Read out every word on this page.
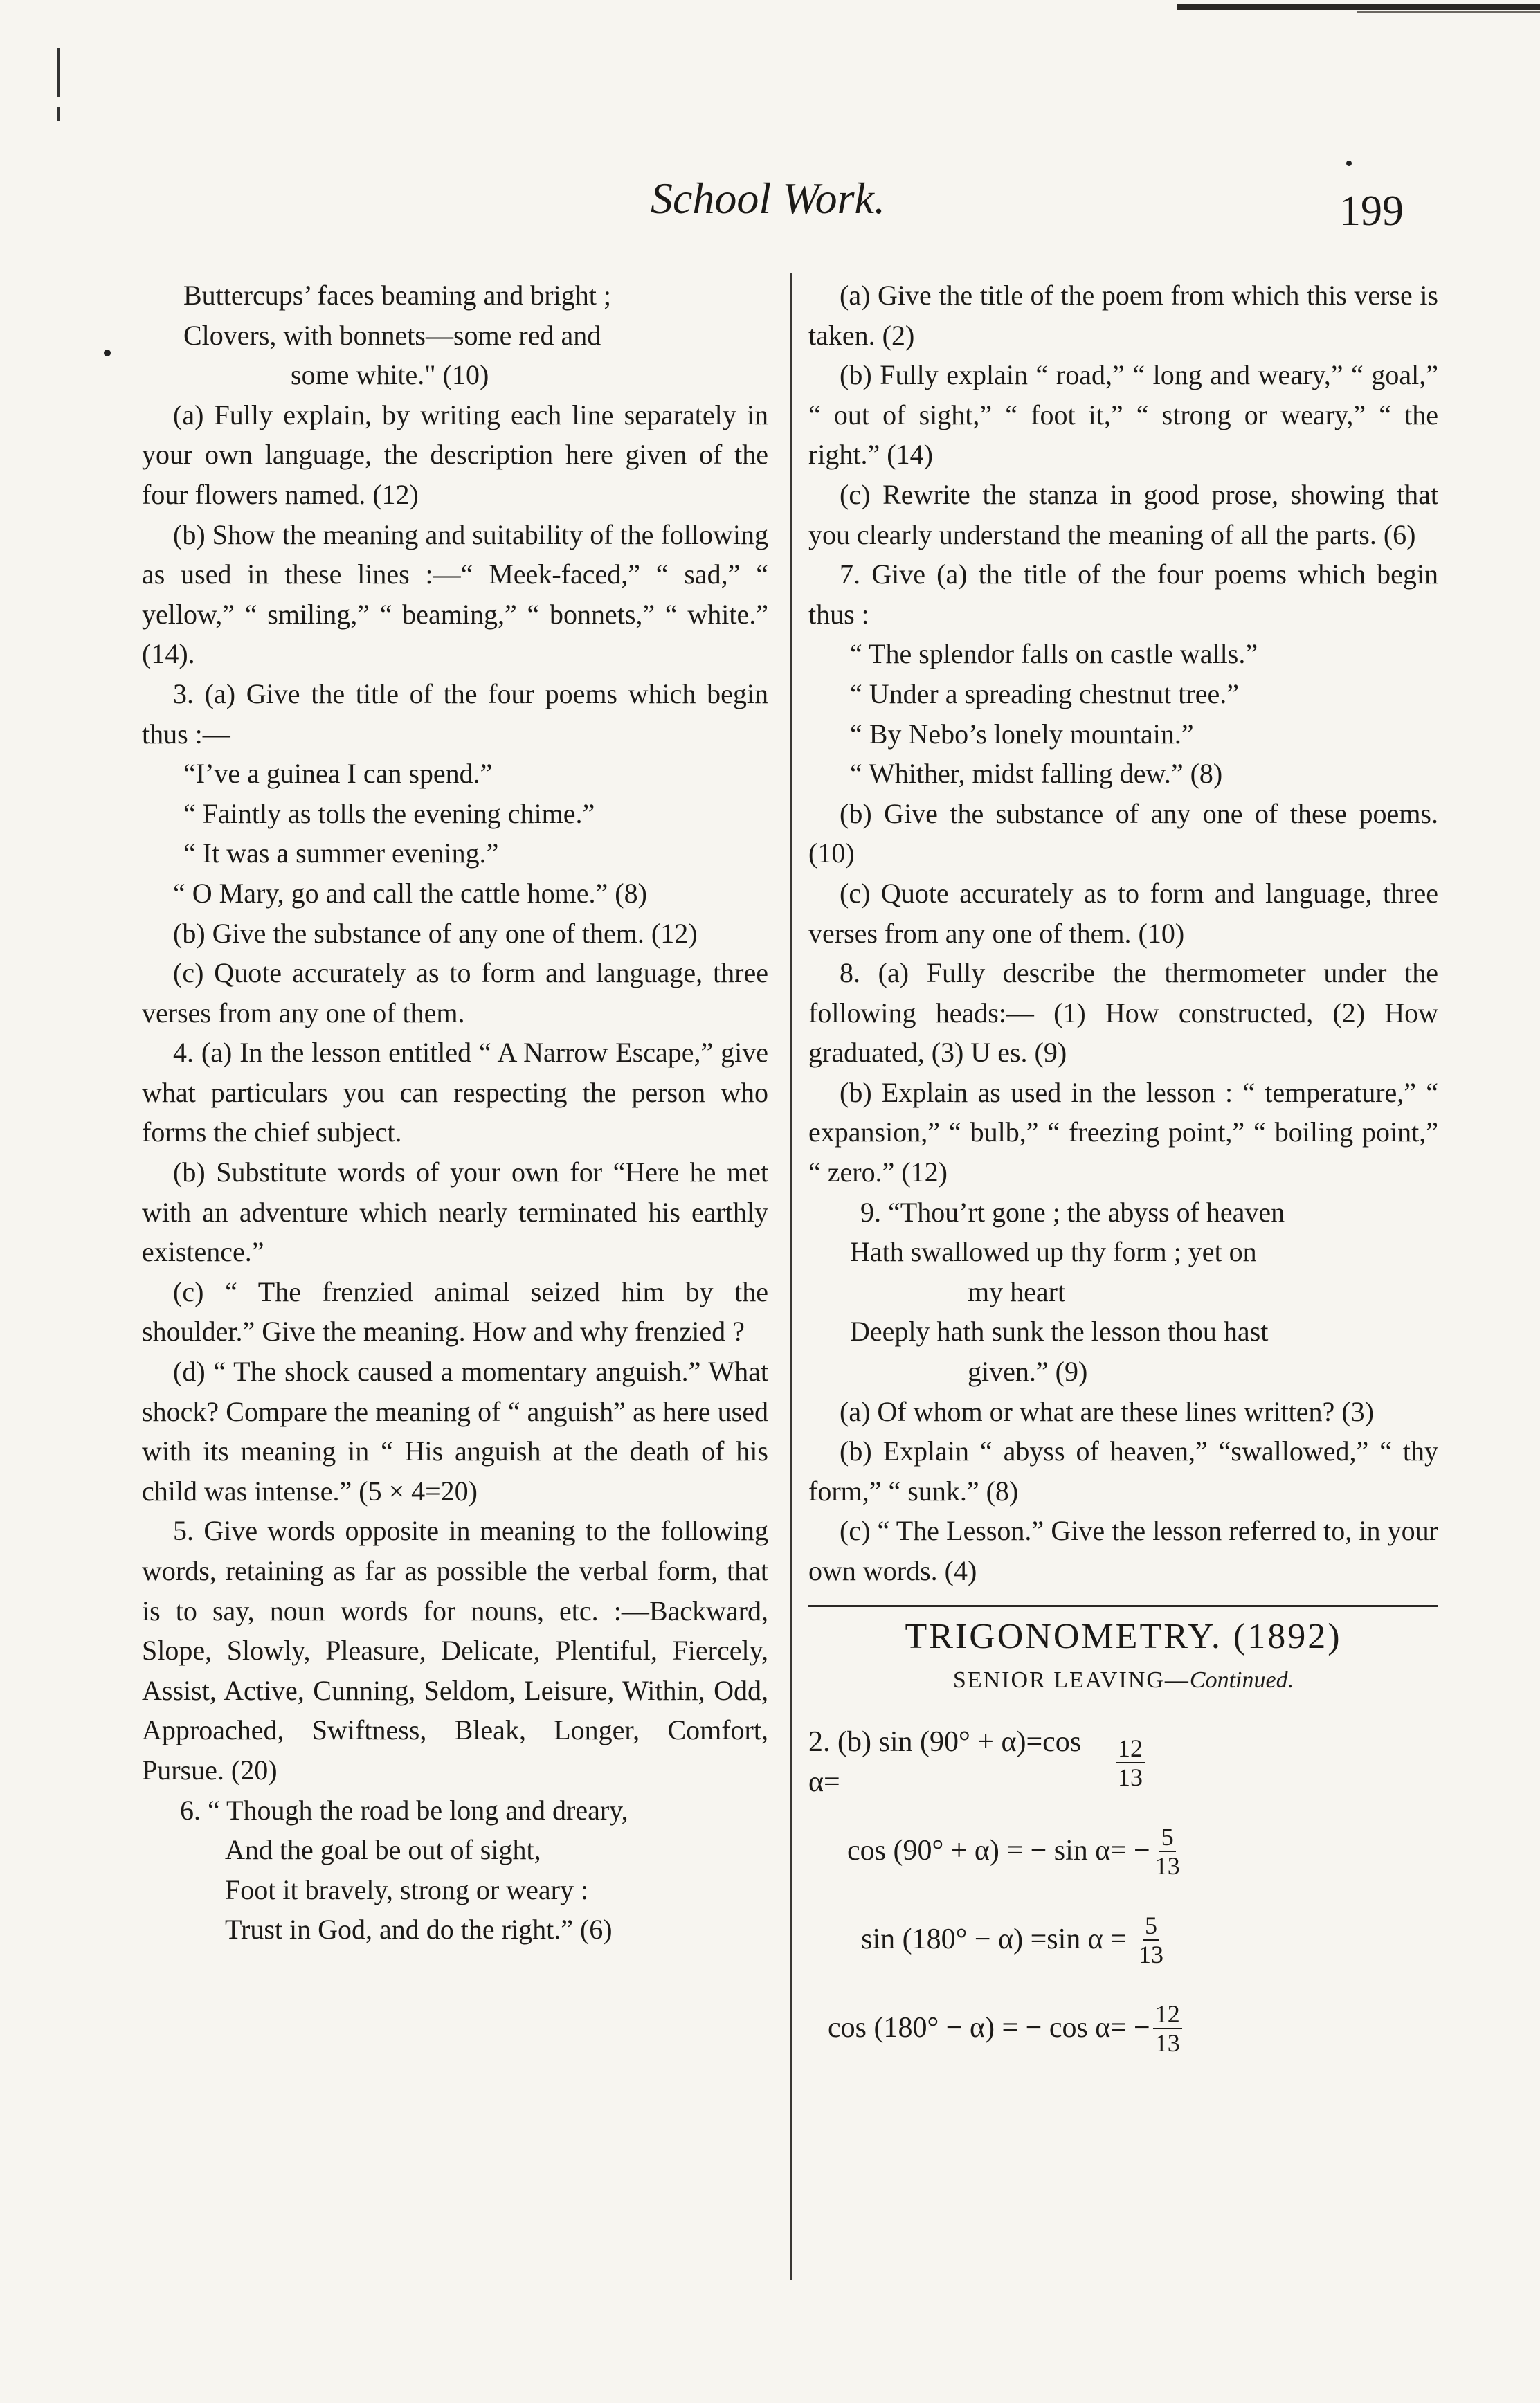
School Work.	199

Buttercups’ faces beaming and bright ;

Clovers, with bonnets—some red and

some white." (10)

(a) Fully explain, by writing each line separately in your own language, the description here given of the four flowers named. (12)

(b) Show the meaning and suitability of the following as used in these lines :—“ Meek-faced,” “ sad,” “ yellow,” “ smiling,” “ beaming,” “ bonnets,” “ white.” (14).

3. (a) Give the title of the four poems which begin thus :—

“I’ve a guinea I can spend.”

“ Faintly as tolls the evening chime.”

“ It was a summer evening.”

“ O Mary, go and call the cattle home.” (8)

(b) Give the substance of any one of them. (12)

(c) Quote accurately as to form and language, three verses from any one of them.

4. (a) In the lesson entitled “ A Narrow Escape,” give what particulars you can respecting the person who forms the chief subject.

(b) Substitute words of your own for “Here he met with an adventure which nearly terminated his earthly existence.”

(c) “ The frenzied animal seized him by the shoulder.” Give the meaning. How and why frenzied ?

(d) “ The shock caused a momentary anguish.” What shock? Compare the meaning of “ anguish” as here used with its meaning in “ His anguish at the death of his child was intense.” (5 × 4=20)

5. Give words opposite in meaning to the following words, retaining as far as possible the verbal form, that is to say, noun words for nouns, etc. :—Backward, Slope, Slowly, Pleasure, Delicate, Plentiful, Fiercely, Assist, Active, Cunning, Seldom, Leisure, Within, Odd, Approached, Swiftness, Bleak, Longer, Comfort, Pursue. (20)

6. “ Though the road be long and dreary,

And the goal be out of sight,

Foot it bravely, strong or weary :

Trust in God, and do the right.” (6)

(a) Give the title of the poem from which this verse is taken. (2)

(b) Fully explain “ road,” “ long and weary,” “ goal,” “ out of sight,” “ foot it,” “ strong or weary,” “ the right.” (14)

(c) Rewrite the stanza in good prose, showing that you clearly understand the meaning of all the parts. (6)

7. Give (a) the title of the four poems which begin thus :

“ The splendor falls on castle walls.”

“ Under a spreading chestnut tree.”

“ By Nebo’s lonely mountain.”

“ Whither, midst falling dew.” (8)

(b) Give the substance of any one of these poems. (10)

(c) Quote accurately as to form and language, three verses from any one of them. (10)

8. (a) Fully describe the thermometer under the following heads:— (1) How constructed, (2) How graduated, (3) U es. (9)

(b) Explain as used in the lesson : “ temperature,” “ expansion,” “ bulb,” “ freezing point,” “ boiling point,” “ zero.” (12)

9. “Thou’rt gone ; the abyss of heaven

Hath swallowed up thy form ; yet on

my heart

Deeply hath sunk the lesson thou hast

given.” (9)

(a) Of whom or what are these lines written? (3)

(b) Explain “ abyss of heaven,” “swallowed,” “ thy form,” “ sunk.” (8)

(c) “ The Lesson.” Give the lesson referred to, in your own words. (4)

TRIGONOMETRY. (1892)
SENIOR LEAVING—Continued.
2. (b) sin (90° + α)=cos α=	$\frac{12}{13}$
cos (90° + α) = − $\sin \alpha= - \frac{5}{13}$
sin (180° − α) =sin $\alpha = \frac{5}{13}$
cos (180° − α) = − $\cos \alpha= - \frac{12}{13}$
